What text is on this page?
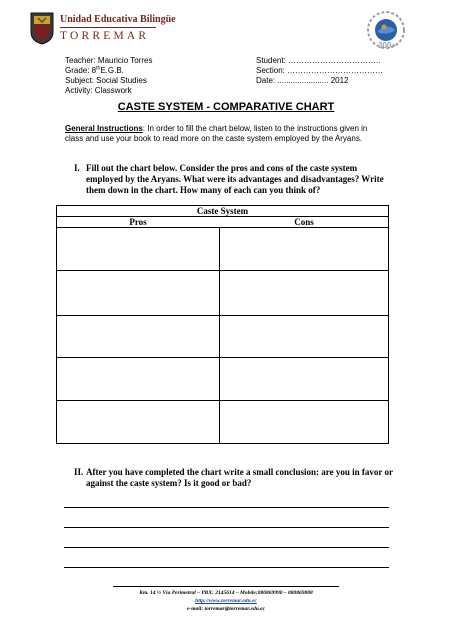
Unidad Educativa Bilingüe
TORREMAR
300+
Teacher: Mauricio Torres
Grade: 8thE.G.B.
Subject: Social Studies
Activity: Classwork
Student: ……………………………..
Section: ………………………………
Date: ....................... 2012
CASTE SYSTEM - COMPARATIVE CHART
General Instructions: In order to fill the chart below, listen to the instructions given in class and use your book to read more on the caste system employed by the Aryans.
I. Fill out the chart below. Consider the pros and cons of the caste system employed by the Aryans. What were its advantages and disadvantages? Write them down in the chart. How many of each can you think of?
Caste System
Pros	Cons
II. After you have completed the chart write a small conclusion: are you in favor or against the caste system? Is it good or bad?
Km. 14 ½ Vía Perimetral – PBX: 2145614 – Mobile:080869990 – 080869888
http://www.torremar.edu.ec
e-mail: torremar@torremar.edu.ec
